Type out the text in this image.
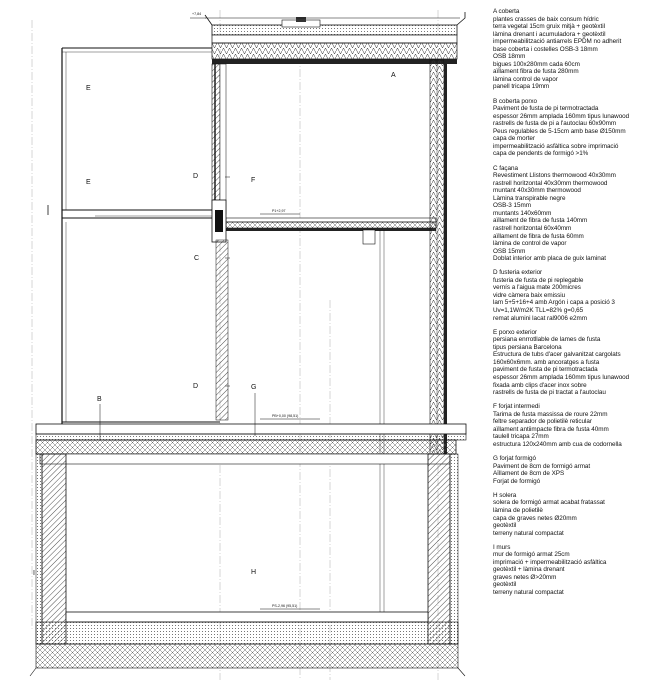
+7,84
P1+2,97
PB+0,00 (98,51)
PS-2,96 (95,51)
A
B
C
D
D
E
E	F
G
H
I
A coberta
plantes crasses de baix consum hídric
terra vegetal 15cm gruix mitjà + geotèxtil
làmina drenant i acumuladora + geotèxtil
impermeabilització antiarrels EPDM no adherit
base coberta i costelles OSB-3 18mm
OSB 18mm
bigues 100x280mm cada 60cm
aïllament fibra de fusta 280mm
làmina control de vapor
panell tricapa 19mm
B coberta porxo
Paviment de fusta de pi termotractada
espessor 26mm amplada 160mm tipus lunawood
rastrells de fusta de pi a l'autoclau 60x90mm
Peus regulables de 5-15cm amb base Ø150mm
capa de morter
impermeabilització asfàltica sobre imprimació
capa de pendents de formigó >1%
C façana
Revestiment Llistons thermowood 40x30mm
rastrell horitzontal 40x30mm thermowood
muntant 40x30mm thermowood
Làmina transpirable negre
OSB-3 15mm
muntants 140x60mm
aïllament de fibra de fusta 140mm
rastrell horitzontal 60x40mm
aïllament de fibra de fusta 60mm
làmina de control de vapor
OSB 15mm
Doblat interior amb placa de guix laminat
D fusteria exterior
fusteria de fusta de pi replegable
vernís a l'aigua mate 200micres
vidre càmera baix emissiu
lam 5+5+16+4 amb Argón i capa a posició 3
Uv=1,1W/m2K TLL=82% g=0,65
remat alumini lacat ral9006 e2mm
E porxo exterior
persiana enrrotllable de lames de fusta
tipus persiana Barcelona
Estructura de tubs d'acer galvanitzat cargolats
160x60x6mm. amb ancoratges a fusta
paviment de fusta de pi termotractada
espessor 26mm amplada 160mm tipus lunawood
fixada amb clips d'acer inox sobre
rastrells de fusta de pi tractat a l'autoclau
F forjat intermedi
Tarima de fusta massissa de roure 22mm
feltre separador de polietilè reticular
aïllament antiimpacte fibra de fusta 40mm
taulell tricapa 27mm
estructura 120x240mm amb cua de codornella
G forjat formigó
Paviment de 8cm de formigó armat
Aïllament de 8cm de XPS
Forjat de formigó
H solera
solera de formigó armat acabat fratassat
làmina de polietilè
capa de graves netes Ø20mm
geotèxtil
terreny natural compactat
I murs
mur de formigó armat 25cm
imprimació + impermeabilització asfàltica
geotèxtil + làmina drenant
graves netes Ø>20mm
geotèxtil
terreny natural compactat
